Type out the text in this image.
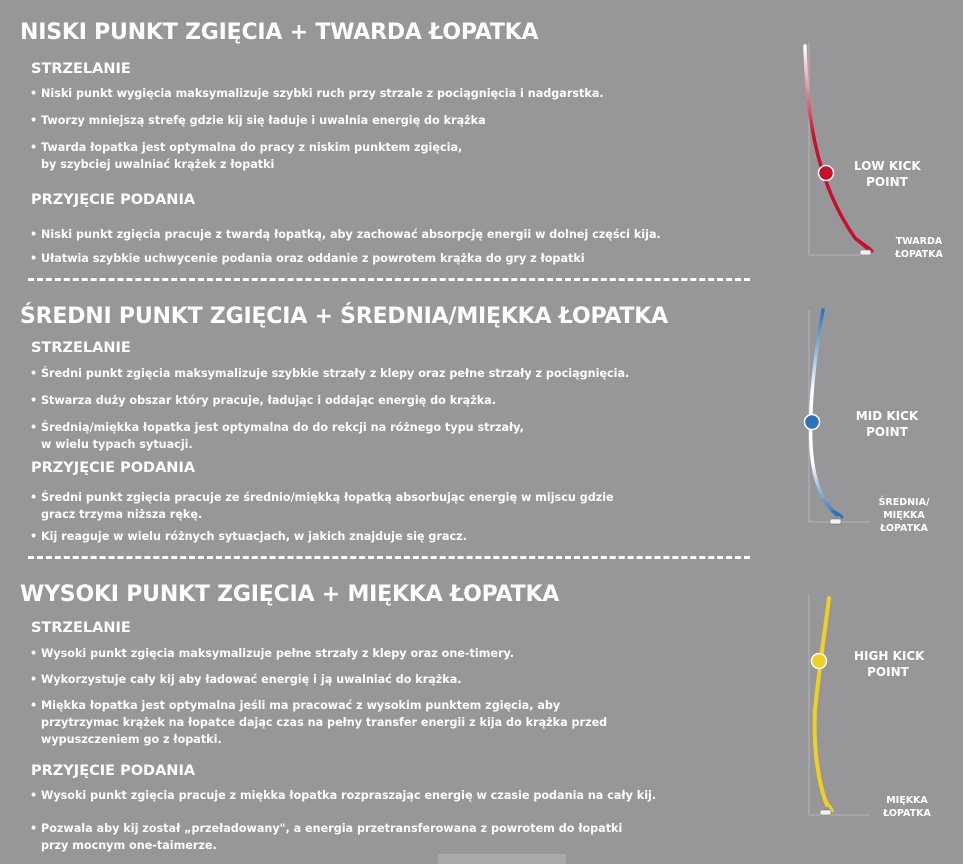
NISKI PUNKT ZGIĘCIA + TWARDA ŁOPATKA
STRZELANIE
• Niski punkt wygięcia maksymalizuje szybki ruch przy strzale z pociągnięcia i nadgarstka.
• Tworzy mniejszą strefę gdzie kij się ładuje i uwalnia energię do krążka
• Twarda łopatka jest optymalna do pracy z niskim punktem zgięcia,
by szybciej uwalniać krążek z łopatki
PRZYJĘCIE PODANIA
• Niski punkt zgięcia pracuje z twardą łopatką, aby zachować absorpcję energii w dolnej części kija.
• Ułatwia szybkie uchwycenie podania oraz oddanie z powrotem krążka do gry z łopatki
LOW KICK
POINT
TWARDA
ŁOPATKA
ŚREDNI PUNKT ZGIĘCIA + ŚREDNIA/MIĘKKA ŁOPATKA
STRZELANIE
• Średni punkt zgięcia maksymalizuje szybkie strzały z klepy oraz pełne strzały z pociągnięcia.
• Stwarza duży obszar który pracuje, ładując i oddając energię do krążka.
• Średnią/miękka łopatka jest optymalna do do rekcji na różnego typu strzały,
w wielu typach sytuacji.
PRZYJĘCIE PODANIA
• Średni punkt zgięcia pracuje ze średnio/miękką łopatką absorbując energię w mijscu gdzie
gracz trzyma niższa rękę.
• Kij reaguje w wielu różnych sytuacjach, w jakich znajduje się gracz.
MID KICK
POINT
ŚREDNIA/
MIĘKKA
ŁOPATKA
WYSOKI PUNKT ZGIĘCIA + MIĘKKA ŁOPATKA
STRZELANIE
• Wysoki punkt zgięcia maksymalizuje pełne strzały z klepy oraz one-timery.
• Wykorzystuje cały kij aby ładować energię i ją uwalniać do krążka.
• Miękka łopatka jest optymalna jeśli ma pracować z wysokim punktem zgięcia, aby
przytrzymac krążek na łopatce dając czas na pełny transfer energii z kija do krążka przed
wypuszczeniem go z łopatki.
PRZYJĘCIE PODANIA
• Wysoki punkt zgięcia pracuje z miękka łopatka rozpraszając energię w czasie podania na cały kij.
• Pozwala aby kij został „przeładowany", a energia przetransferowana z powrotem do łopatki
przy mocnym one-taimerze.
HIGH KICK
POINT
MIĘKKA
ŁOPATKA
